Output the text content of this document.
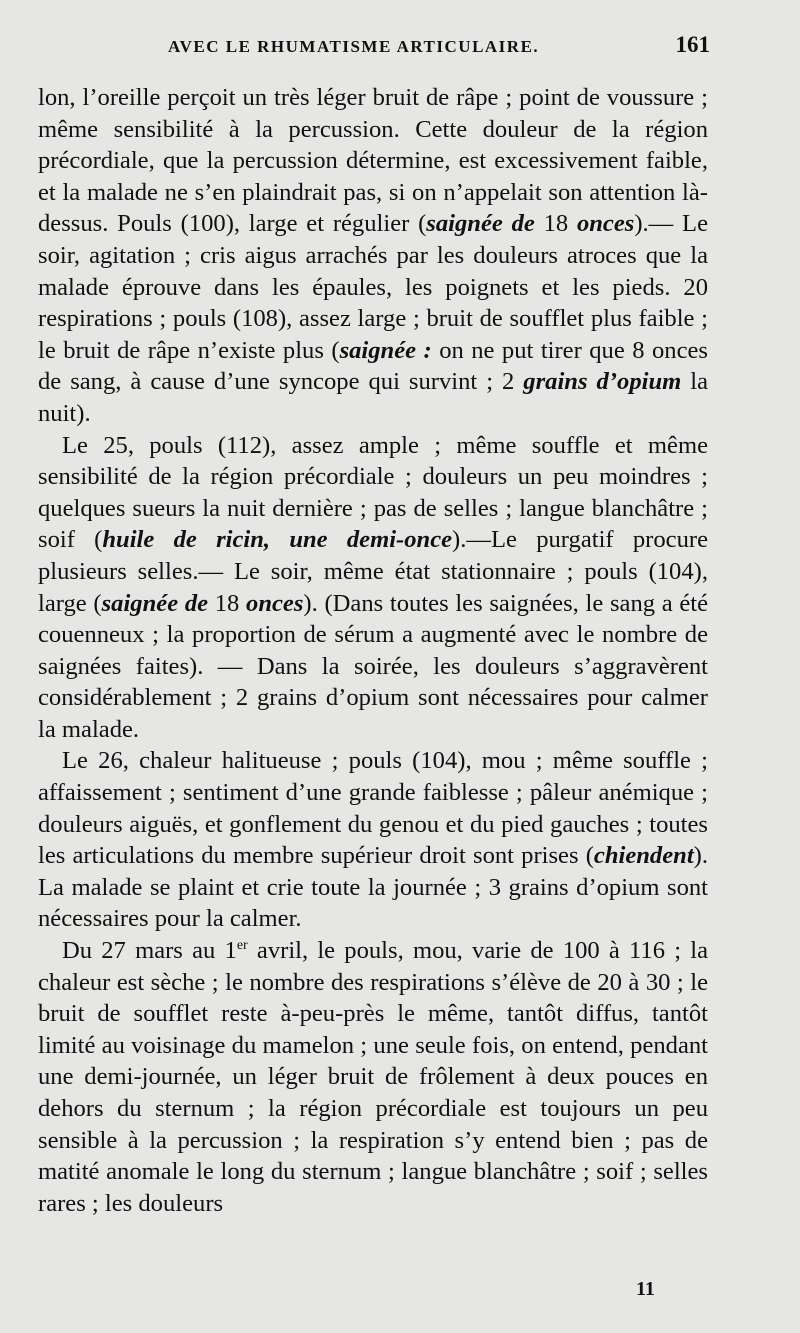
AVEC LE RHUMATISME ARTICULAIRE.	161

lon, l’oreille perçoit un très léger bruit de râpe ; point de voussure ; même sensibilité à la percussion. Cette douleur de la région précordiale, que la percussion détermine, est excessivement faible, et la malade ne s’en plaindrait pas, si on n’appelait son attention là-dessus. Pouls (100), large et régulier (saignée de 18 onces).— Le soir, agitation ; cris aigus arrachés par les douleurs atroces que la malade éprouve dans les épaules, les poignets et les pieds. 20 respirations ; pouls (108), assez large ; bruit de soufflet plus faible ; le bruit de râpe n’existe plus (saignée : on ne put tirer que 8 onces de sang, à cause d’une syncope qui survint ; 2 grains d’opium la nuit).

Le 25, pouls (112), assez ample ; même souffle et même sensibilité de la région précordiale ; douleurs un peu moindres ; quelques sueurs la nuit dernière ; pas de selles ; langue blanchâtre ; soif (huile de ricin, une demi-once).—Le purgatif procure plusieurs selles.— Le soir, même état stationnaire ; pouls (104), large (saignée de 18 onces). (Dans toutes les saignées, le sang a été couenneux ; la proportion de sérum a augmenté avec le nombre de saignées faites). — Dans la soirée, les douleurs s’aggravèrent considérablement ; 2 grains d’opium sont nécessaires pour calmer la malade.

Le 26, chaleur halitueuse ; pouls (104), mou ; même souffle ; affaissement ; sentiment d’une grande faiblesse ; pâleur anémique ; douleurs aiguës, et gonflement du genou et du pied gauches ; toutes les articulations du membre supérieur droit sont prises (chiendent). La malade se plaint et crie toute la journée ; 3 grains d’opium sont nécessaires pour la calmer.

Du 27 mars au 1er avril, le pouls, mou, varie de 100 à 116 ; la chaleur est sèche ; le nombre des respirations s’élève de 20 à 30 ; le bruit de soufflet reste à-peu-près le même, tantôt diffus, tantôt limité au voisinage du mamelon ; une seule fois, on entend, pendant une demi-journée, un léger bruit de frôlement à deux pouces en dehors du sternum ; la région précordiale est toujours un peu sensible à la percussion ; la respiration s’y entend bien ; pas de matité anomale le long du sternum ; langue blanchâtre ; soif ; selles rares ; les douleurs

11
